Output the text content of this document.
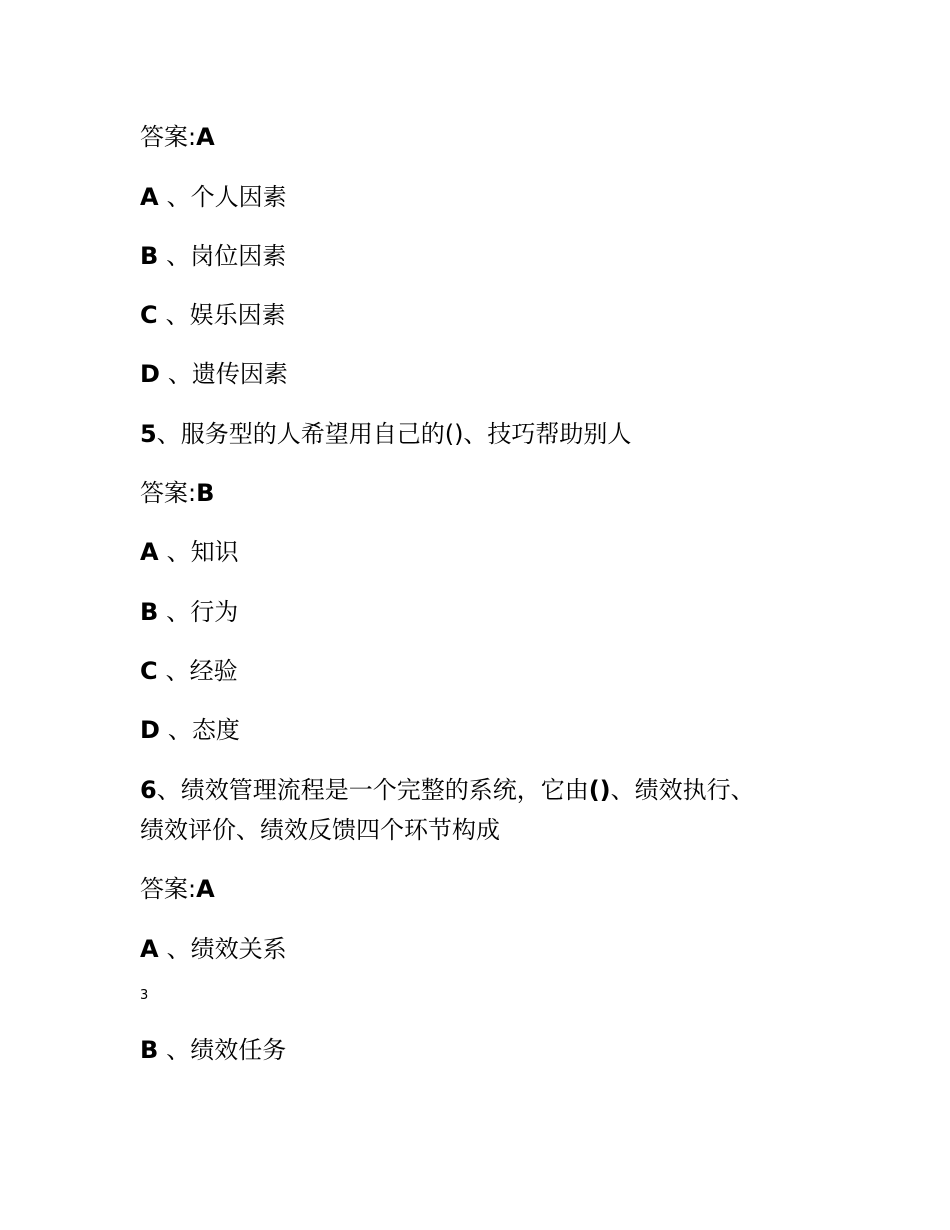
答案:A
A 、个人因素
B 、岗位因素
C 、娱乐因素
D 、遗传因素
5、服务型的人希望用自己的()、技巧帮助别人
答案:B
A 、知识
B 、行为
C 、经验
D 、态度
6、绩效管理流程是一个完整的系统，它由()、绩效执行、
绩效评价、绩效反馈四个环节构成
答案:A
A 、绩效关系
3
B 、绩效任务
